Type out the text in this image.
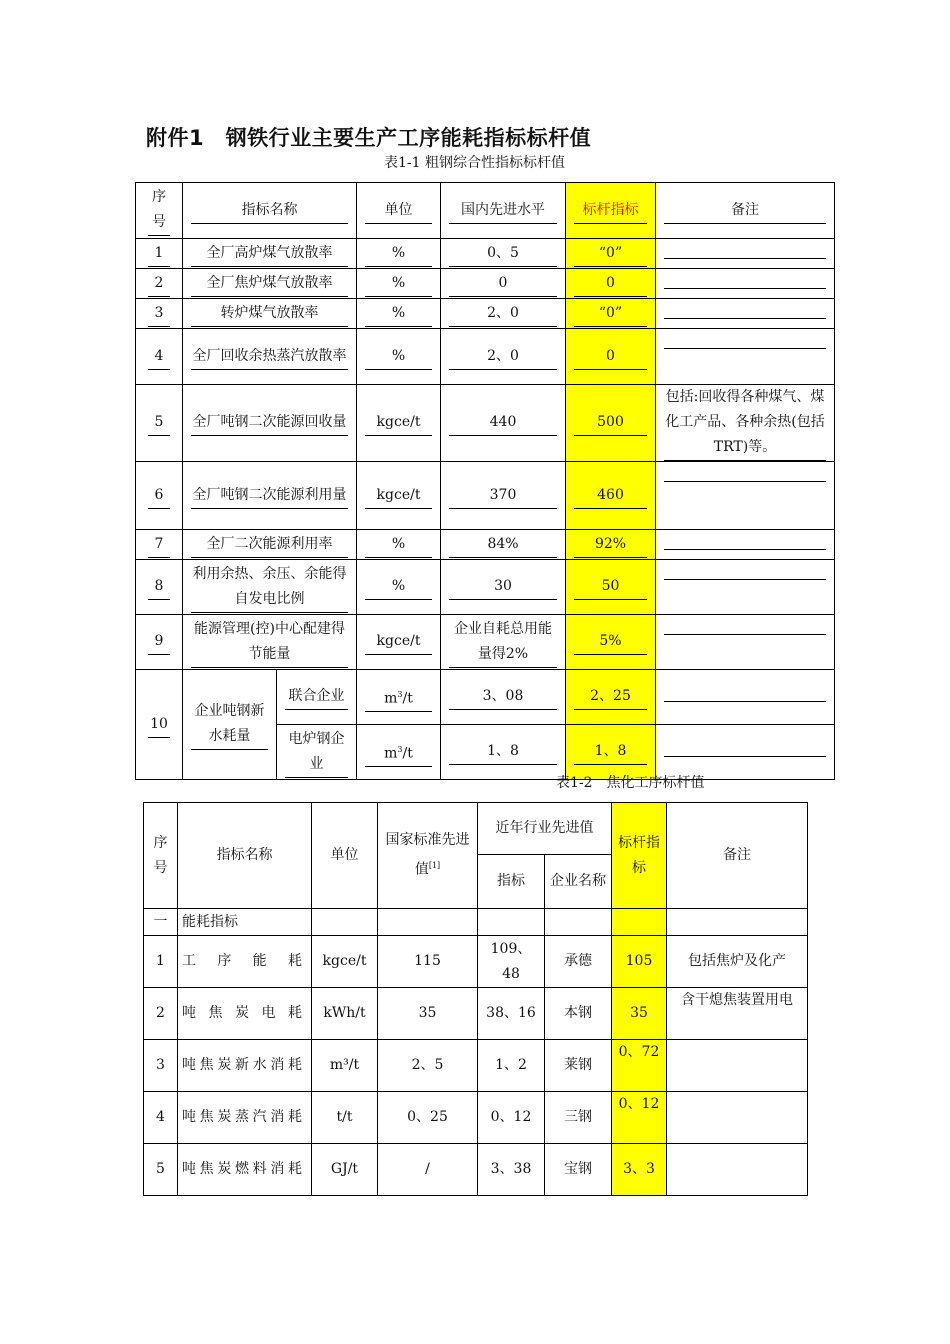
附件1　钢铁行业主要生产工序能耗指标标杆值
表1-1 粗钢综合性指标标杆值
序号	指标名称		单位	国内先进水平	标杆指标	备注

1	全厂高炉煤气放散率		%	0、5	“0”	

2	全厂焦炉煤气放散率		%	0	0	

3	转炉煤气放散率		%	2、0	“0”	

4	全厂回收余热蒸汽放散率		%	2、0	0	

5	全厂吨钢二次能源回收量		kgce/t	440	500	包括:回收得各种煤气、煤化工产品、各种余热(包括TRT)等。

6	全厂吨钢二次能源利用量		kgce/t	370	460	

7	全厂二次能源利用率		%	84%	92%	

8	利用余热、余压、余能得自发电比例		%	30	50	

9	能源管理(控)中心配建得节能量		kgce/t	企业自耗总用能量得2%	5%	

10	企业吨钢新水耗量	联合企业	$m^3/t$	3、08	2、25	

		电炉钢企业	$m^3/t$	1、8	1、8	

表1-2　焦化工序标杆值
序号	指标名称	单位	国家标准先进值[1]	近年行业先进值		标杆指标	备注
				指标	企业名称		
一	能耗指标						
1	工序能耗	kgce/t	115	109、48	承德	105	包括焦炉及化产
2	吨焦炭电耗	kWh/t	35	38、16	本钢	35	含干熄焦装置用电
3	吨焦炭新水消耗	m³/t	2、5	1、2	莱钢	0、72	
4	吨焦炭蒸汽消耗	t/t	0、25	0、12	三钢	0、12	
5	吨焦炭燃料消耗	GJ/t	/	3、38	宝钢	3、3	
